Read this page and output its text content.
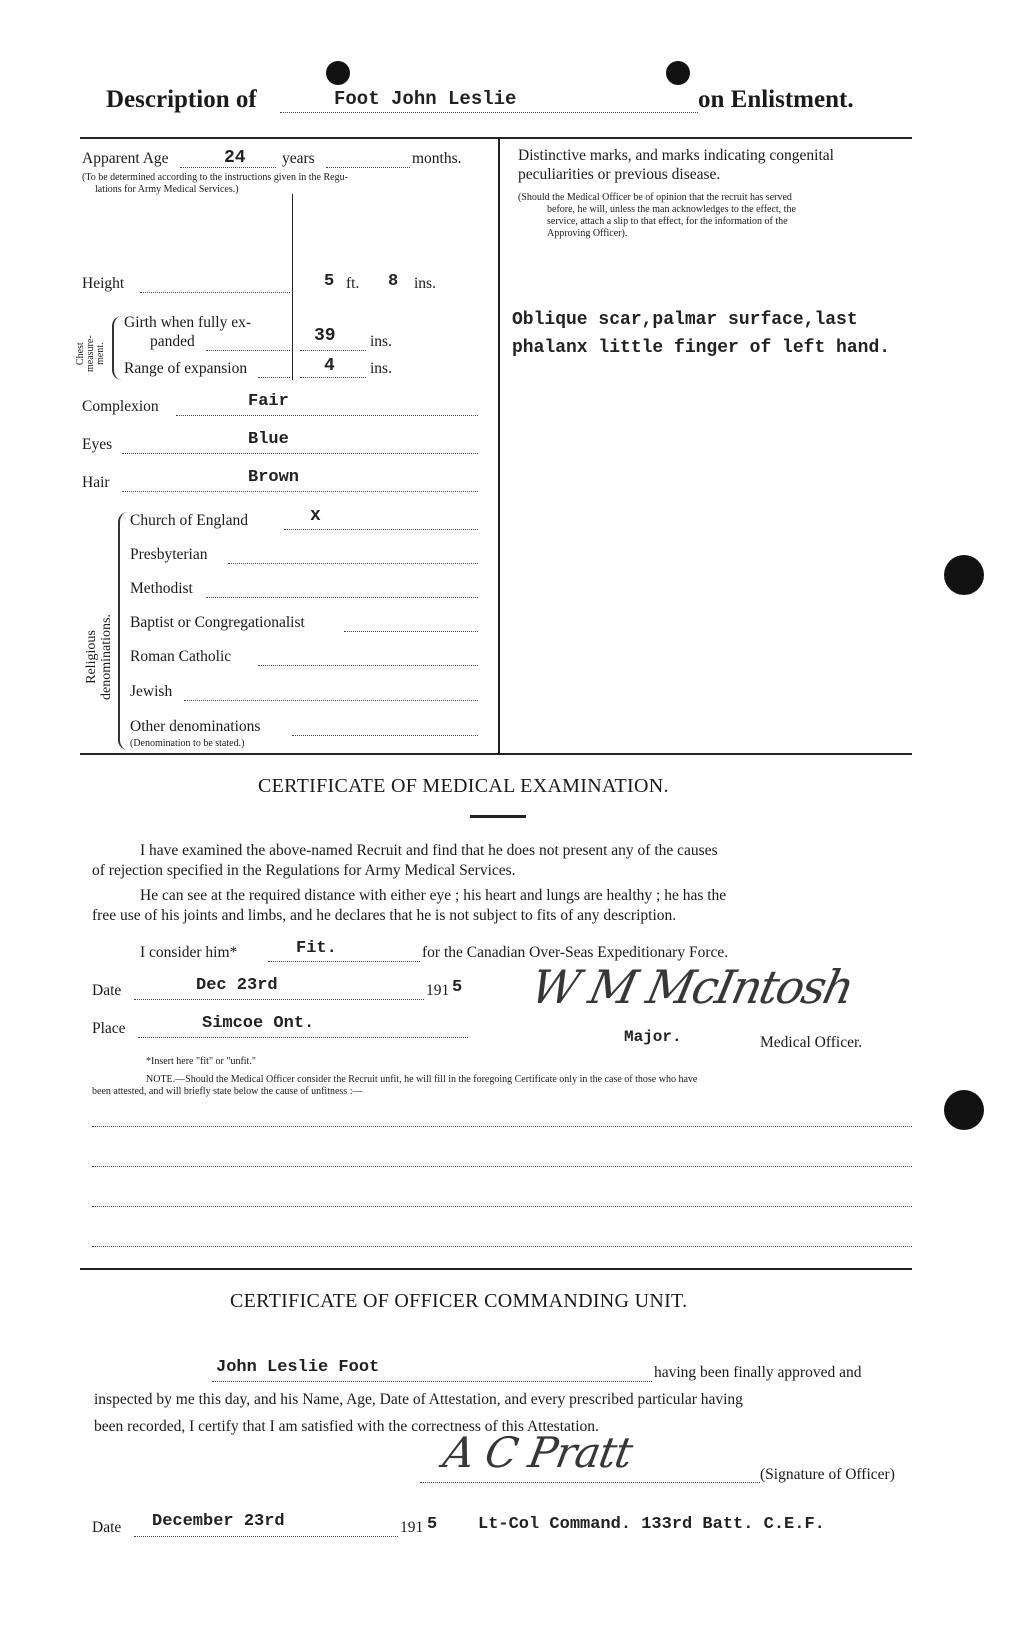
Description of	Foot John Leslie	on Enlistment.
Apparent Age	24 years	months.
(To be determined according to the instructions given in the Regu-
lations for Army Medical Services.)
Height	5 ft. 8 ins.
Chest measure- ment.
Girth when fully ex-
panded	39 ins.
Range of expansion	4 ins.
Complexion	Fair
Eyes	Blue
Hair	Brown
Religious denominations.
Church of England	x
Presbyterian
Methodist
Baptist or Congregationalist
Roman Catholic
Jewish
Other denominations
(Denomination to be stated.)
Distinctive marks, and marks indicating congenital
peculiarities or previous disease.
(Should the Medical Officer be of opinion that the recruit has served
before, he will, unless the man acknowledges to the effect, the
service, attach a slip to that effect, for the information of the
Approving Officer).
Oblique scar,palmar surface,last
phalanx little finger of left hand.
CERTIFICATE OF MEDICAL EXAMINATION.
I have examined the above-named Recruit and find that he does not present any of the causes
of rejection specified in the Regulations for Army Medical Services.
He can see at the required distance with either eye ; his heart and lungs are healthy ; he has the
free use of his joints and limbs, and he declares that he is not subject to fits of any description.
I consider him*	Fit.	for the Canadian Over-Seas Expeditionary Force.
Date	Dec 23rd	191 5
Place	Simcoe Ont.
W M McIntosh
Major.	Medical Officer.
*Insert here "fit" or "unfit."
NOTE.—Should the Medical Officer consider the Recruit unfit, he will fill in the foregoing Certificate only in the case of those who have
been attested, and will briefly state below the cause of unfitness :—
CERTIFICATE OF OFFICER COMMANDING UNIT.
John Leslie Foot	having been finally approved and
inspected by me this day, and his Name, Age, Date of Attestation, and every prescribed particular having
been recorded, I certify that I am satisfied with the correctness of this Attestation.
A C Pratt	(Signature of Officer)
Date December 23rd	191 5 Lt-Col Command. 133rd Batt. C.E.F.
